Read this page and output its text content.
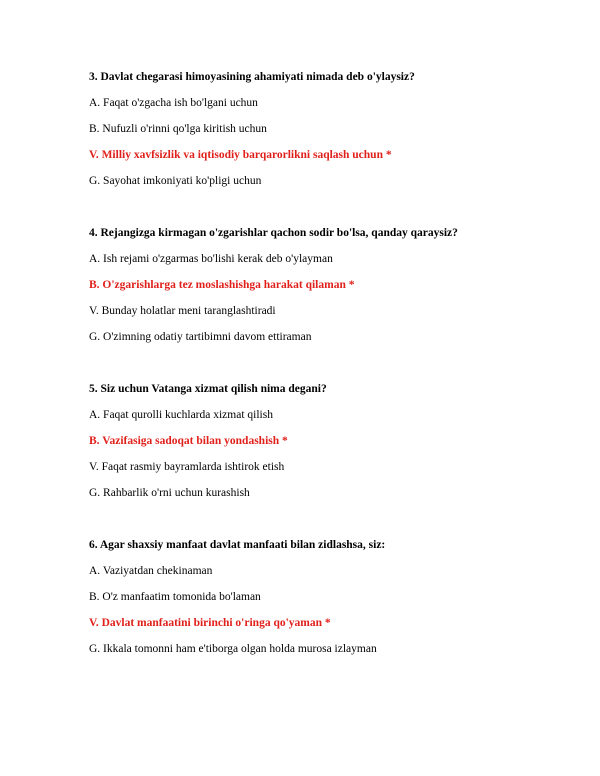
3. Davlat chegarasi himoyasining ahamiyati nimada deb o'ylaysiz?

A. Faqat o'zgacha ish bo'lgani uchun

B. Nufuzli o'rinni qo'lga kiritish uchun

V. Milliy xavfsizlik va iqtisodiy barqarorlikni saqlash uchun *

G. Sayohat imkoniyati ko'pligi uchun

4. Rejangizga kirmagan o'zgarishlar qachon sodir bo'lsa, qanday qaraysiz?

A. Ish rejami o'zgarmas bo'lishi kerak deb o'ylayman

B. O'zgarishlarga tez moslashishga harakat qilaman *

V. Bunday holatlar meni taranglashtiradi

G. O'zimning odatiy tartibimni davom ettiraman

5. Siz uchun Vatanga xizmat qilish nima degani?

A. Faqat qurolli kuchlarda xizmat qilish

B. Vazifasiga sadoqat bilan yondashish *

V. Faqat rasmiy bayramlarda ishtirok etish

G. Rahbarlik o'rni uchun kurashish

6. Agar shaxsiy manfaat davlat manfaati bilan zidlashsa, siz:

A. Vaziyatdan chekinaman

B. O'z manfaatim tomonida bo'laman

V. Davlat manfaatini birinchi o'ringa qo'yaman *

G. Ikkala tomonni ham e'tiborga olgan holda murosa izlayman
